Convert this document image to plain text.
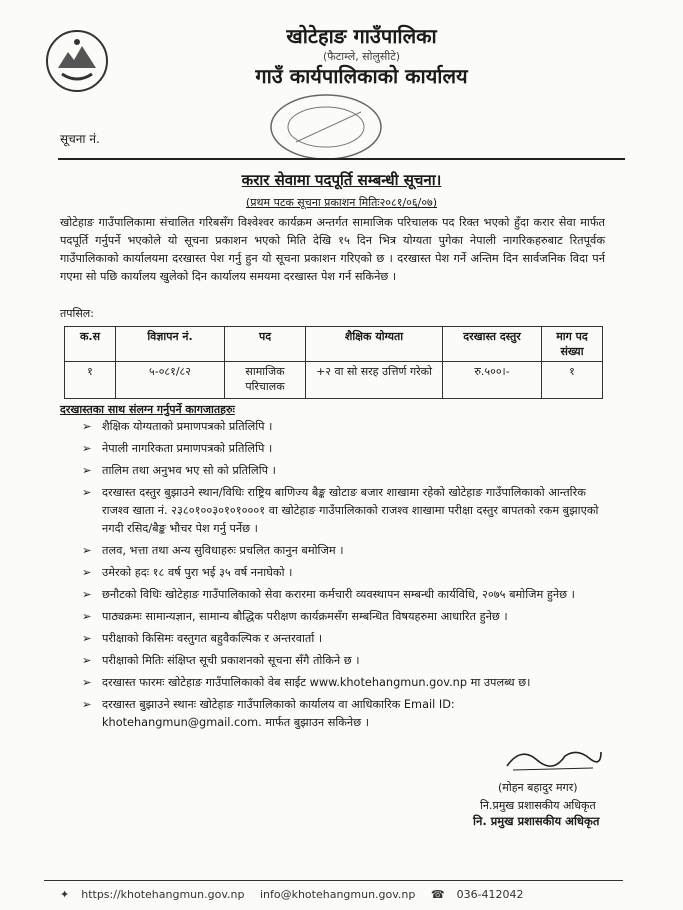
खोटेहाङ गाउँपालिका
(फैटाम्ले, सोलुसीटे)
गाउँ कार्यपालिकाको कार्यालय
सूचना नं.
करार सेवामा पदपूर्ति सम्बन्धी सूचना।
(प्रथम पटक सूचना प्रकाशन मितिः२०८१/०६/०७)
खोटेहाङ गाउँपालिकामा संचालित गरिबसँग विश्वेश्वर कार्यक्रम अन्तर्गत सामाजिक परिचालक पद रिक्त भएको हुँदा करार सेवा मार्फत पदपूर्ति गर्नुपर्ने भएकोले यो सूचना प्रकाशन भएको मिति देखि १५ दिन भित्र योग्यता पुगेका नेपाली नागरिकहरुबाट रितपूर्वक गाउँपालिकाको कार्यालयमा दरखास्त पेश गर्नु हुन यो सूचना प्रकाशन गरिएको छ । दरखास्त पेश गर्ने अन्तिम दिन सार्वजनिक विदा पर्न गएमा सो पछि कार्यालय खुलेको दिन कार्यालय समयमा दरखास्त पेश गर्न सकिनेछ ।
तपसिल:
क.स	विज्ञापन नं.	पद	शैक्षिक योग्यता	दरखास्त दस्तुर	माग पद संख्या
१	५-०८१/८२	सामाजिक परिचालक	+२ वा सो सरह उत्तिर्ण गरेको	रु.५००।-	१
दरखास्तका साथ संलग्न गर्नुपर्ने कागजातहरुः
➢ शैक्षिक योग्यताको प्रमाणपत्रको प्रतिलिपि ।
➢ नेपाली नागरिकता प्रमाणपत्रको प्रतिलिपि ।
➢ तालिम तथा अनुभव भए सो को प्रतिलिपि ।
➢ दरखास्त दस्तुर बुझाउने स्थान/विधिः राष्ट्रिय बाणिज्य बैङ्क खोटाङ बजार शाखामा रहेको खोटेहाङ गाउँपालिकाको आन्तरिक राजश्व खाता नं. २३८०१००३०१०१०००१ वा खोटेहाङ गाउँपालिकाको राजश्व शाखामा परीक्षा दस्तुर बापतको रकम बुझाएको नगदी रसिद/बैङ्क भौचर पेश गर्नु पर्नेछ ।
➢ तलव, भत्ता तथा अन्य सुविधाहरुः प्रचलित कानुन बमोजिम ।
➢ उमेरको हदः १८ वर्ष पुरा भई ३५ वर्ष ननाघेको ।
➢ छनौटको विधिः खोटेहाङ गाउँपालिकाको सेवा करारमा कर्मचारी व्यवस्थापन सम्बन्धी कार्यविधि, २०७५ बमोजिम हुनेछ ।
➢ पाठ्यक्रमः सामान्यज्ञान, सामान्य बौद्धिक परीक्षण कार्यक्रमसँग सम्बन्धित विषयहरुमा आधारित हुनेछ ।
➢ परीक्षाको किसिमः वस्तुगत बहुवैकल्पिक र अन्तरवार्ता ।
➢ परीक्षाको मितिः संक्षिप्त सूची प्रकाशनको सूचना सँगै तोकिने छ ।
➢ दरखास्त फारमः खोटेहाङ गाउँपालिकाको वेब साईट www.khotehangmun.gov.np मा उपलब्ध छ।
➢ दरखास्त बुझाउने स्थानः खोटेहाङ गाउँपालिकाको कार्यालय वा आधिकारिक Email ID: khotehangmun@gmail.com. मार्फत बुझाउन सकिनेछ ।
(मोहन बहादुर मगर)
नि.प्रमुख प्रशासकीय अधिकृत
नि. प्रमुख प्रशासकीय अधिकृत
✦ https://khotehangmun.gov.np info@khotehangmun.gov.np ☎ 036-412042
